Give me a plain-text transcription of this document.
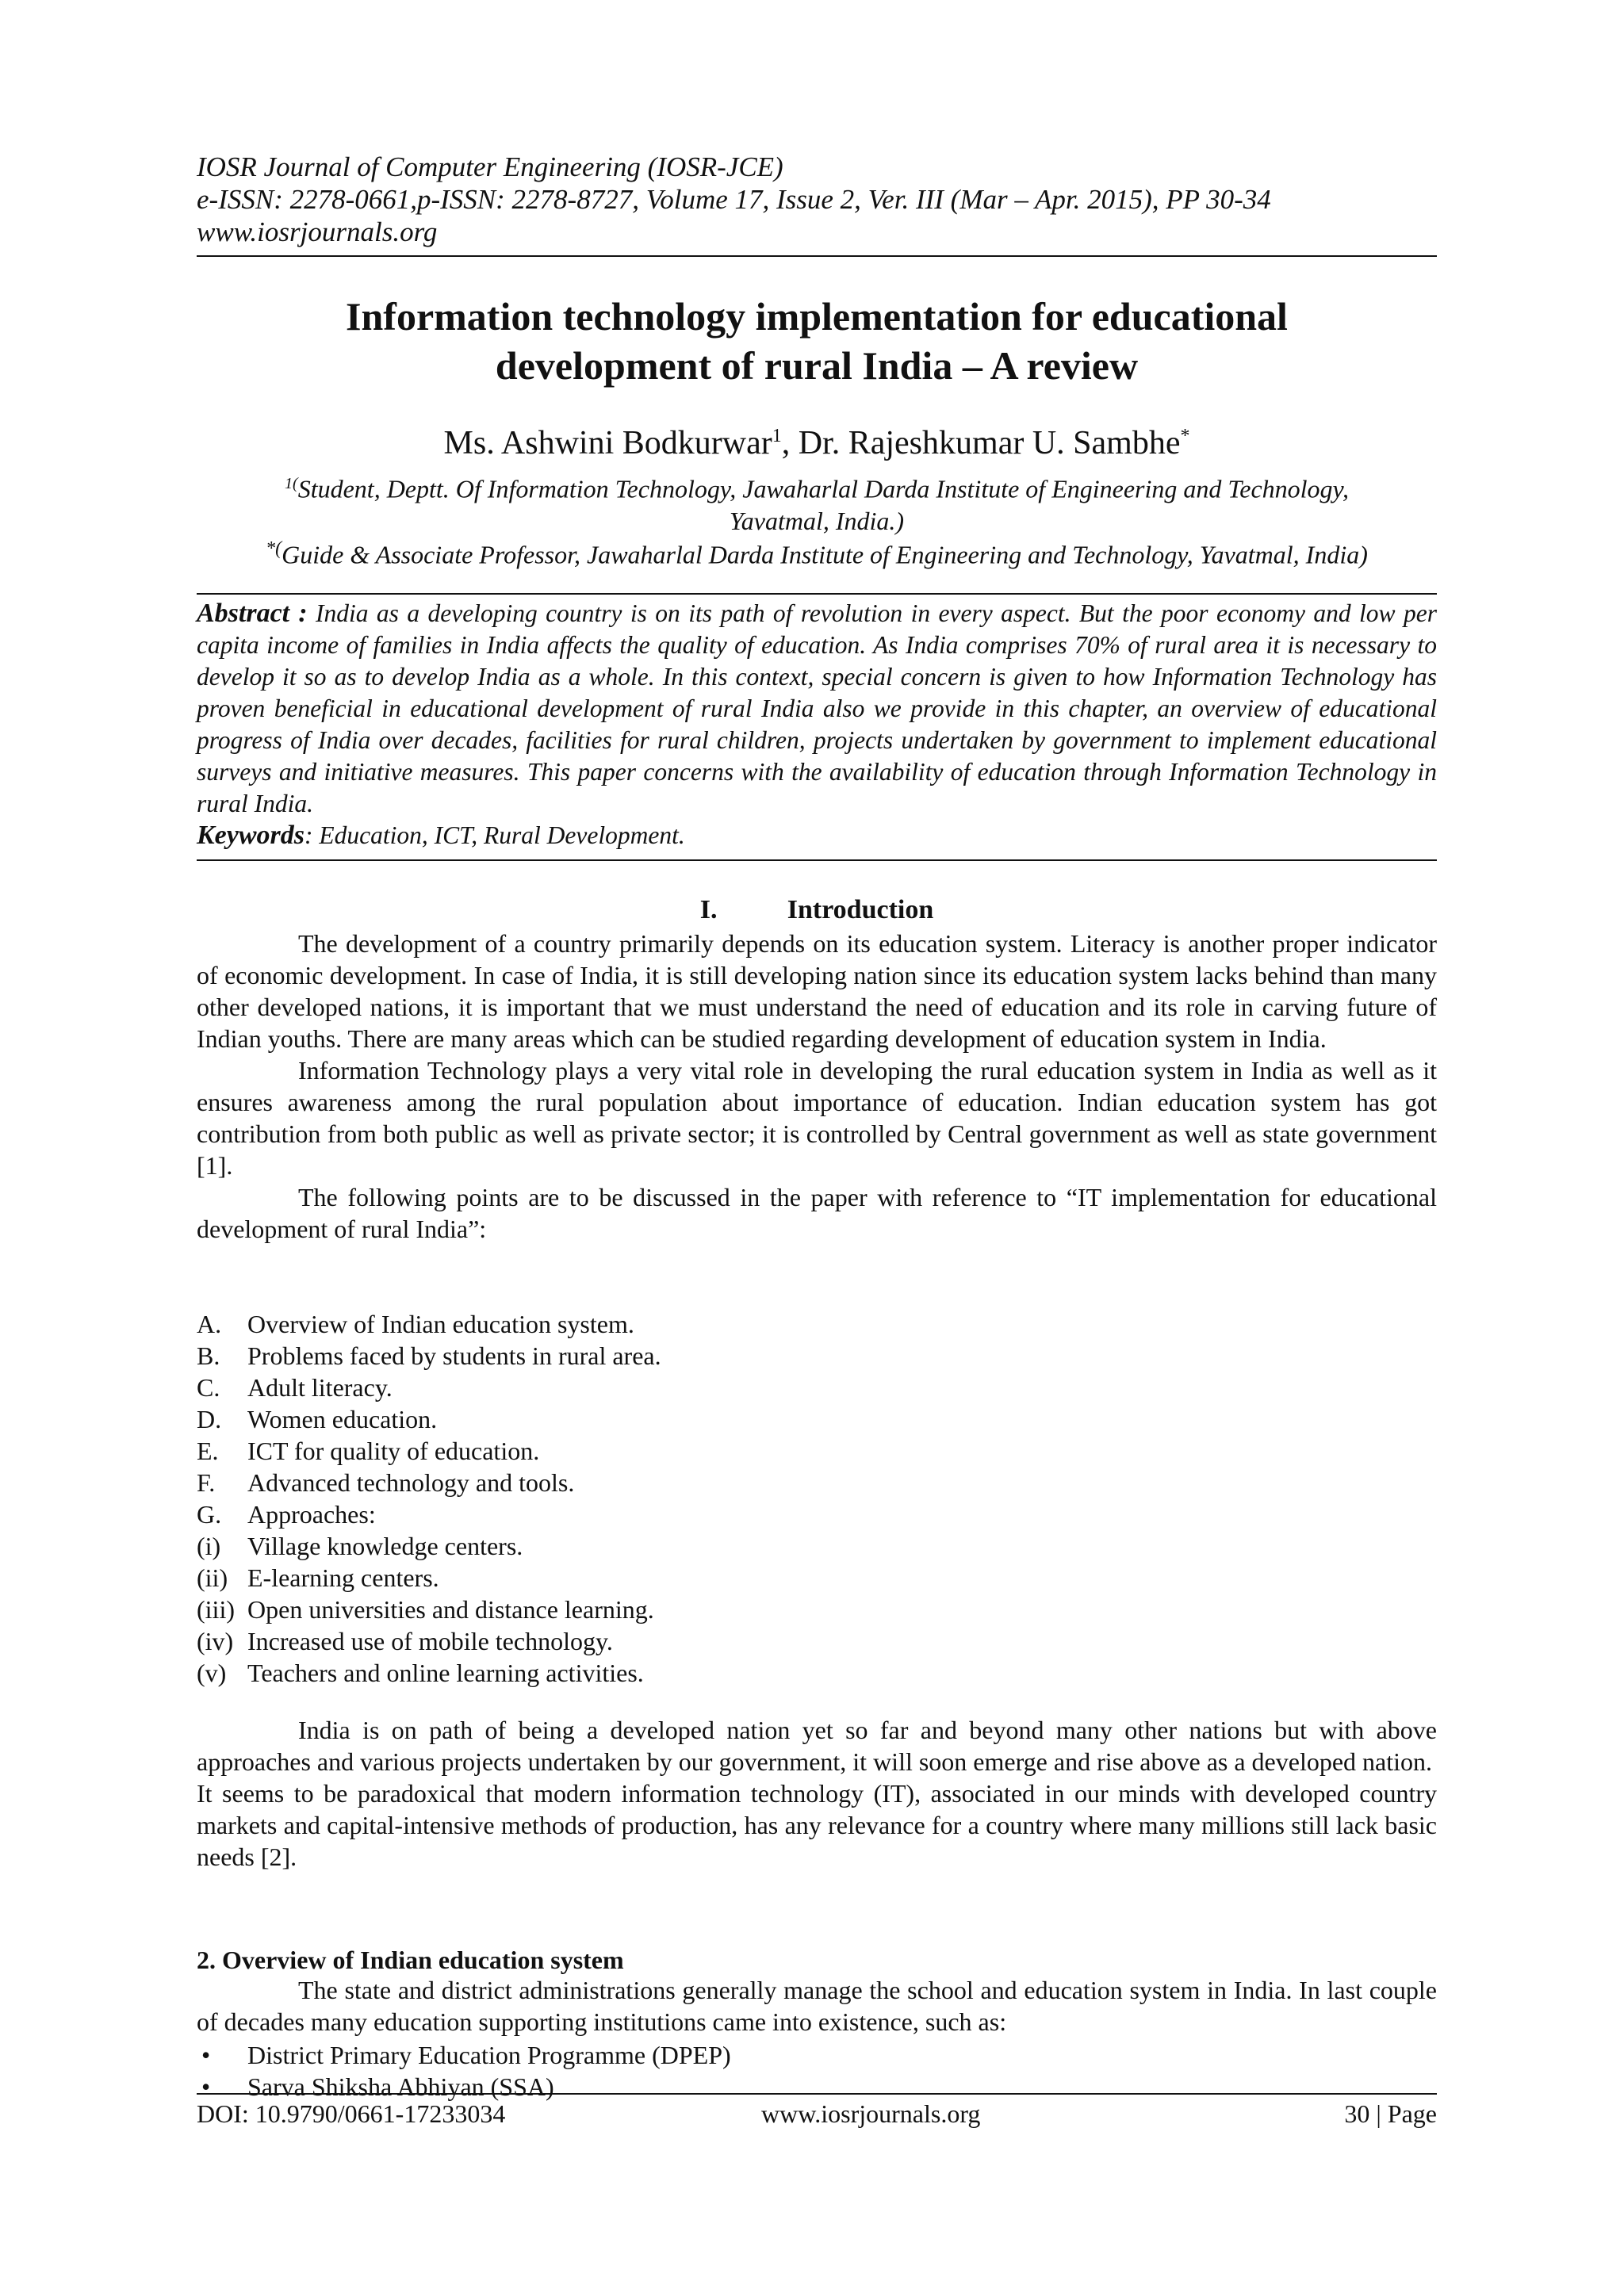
IOSR Journal of Computer Engineering (IOSR-JCE)
e-ISSN: 2278-0661,p-ISSN: 2278-8727, Volume 17, Issue 2, Ver. III (Mar – Apr. 2015), PP 30-34
www.iosrjournals.org
Information technology implementation for educational
development of rural India – A review
Ms. Ashwini Bodkurwar$^1$, Dr. Rajeshkumar U. Sambhe*
$^{1(}$Student, Deptt. Of Information Technology, Jawaharlal Darda Institute of Engineering and Technology,
Yavatmal, India.)
*(Guide & Associate Professor, Jawaharlal Darda Institute of Engineering and Technology, Yavatmal, India)
Abstract : India as a developing country is on its path of revolution in every aspect. But the poor economy and low per capita income of families in India affects the quality of education. As India comprises 70% of rural area it is necessary to develop it so as to develop India as a whole. In this context, special concern is given to how Information Technology has proven beneficial in educational development of rural India also we provide in this chapter, an overview of educational progress of India over decades, facilities for rural children, projects undertaken by government to implement educational surveys and initiative measures. This paper concerns with the availability of education through Information Technology in rural India.
Keywords: Education, ICT, Rural Development.
I.	Introduction

The development of a country primarily depends on its education system. Literacy is another proper indicator of economic development. In case of India, it is still developing nation since its education system lacks behind than many other developed nations, it is important that we must understand the need of education and its role in carving future of Indian youths. There are many areas which can be studied regarding development of education system in India.

Information Technology plays a very vital role in developing the rural education system in India as well as it ensures awareness among the rural population about importance of education. Indian education system has got contribution from both public as well as private sector; it is controlled by Central government as well as state government [1].

The following points are to be discussed in the paper with reference to “IT implementation for educational development of rural India”:

A.	Overview of Indian education system.
B.	Problems faced by students in rural area.
C.	Adult literacy.
D.	Women education.
E.	ICT for quality of education.
F.	Advanced technology and tools.
G.	Approaches:
(i)	Village knowledge centers.
(ii) E-learning centers.
(iii) Open universities and distance learning.
(iv) Increased use of mobile technology.
(v) Teachers and online learning activities.

India is on path of being a developed nation yet so far and beyond many other nations but with above approaches and various projects undertaken by our government, it will soon emerge and rise above as a developed nation.

It seems to be paradoxical that modern information technology (IT), associated in our minds with developed country markets and capital-intensive methods of production, has any relevance for a country where many millions still lack basic needs [2].

2. Overview of Indian education system

The state and district administrations generally manage the school and education system in India. In last couple of decades many education supporting institutions came into existence, such as:

•	District Primary Education Programme (DPEP)
•	Sarva Shiksha Abhiyan (SSA)
DOI: 10.9790/0661-17233034	www.iosrjournals.org	30 | Page
